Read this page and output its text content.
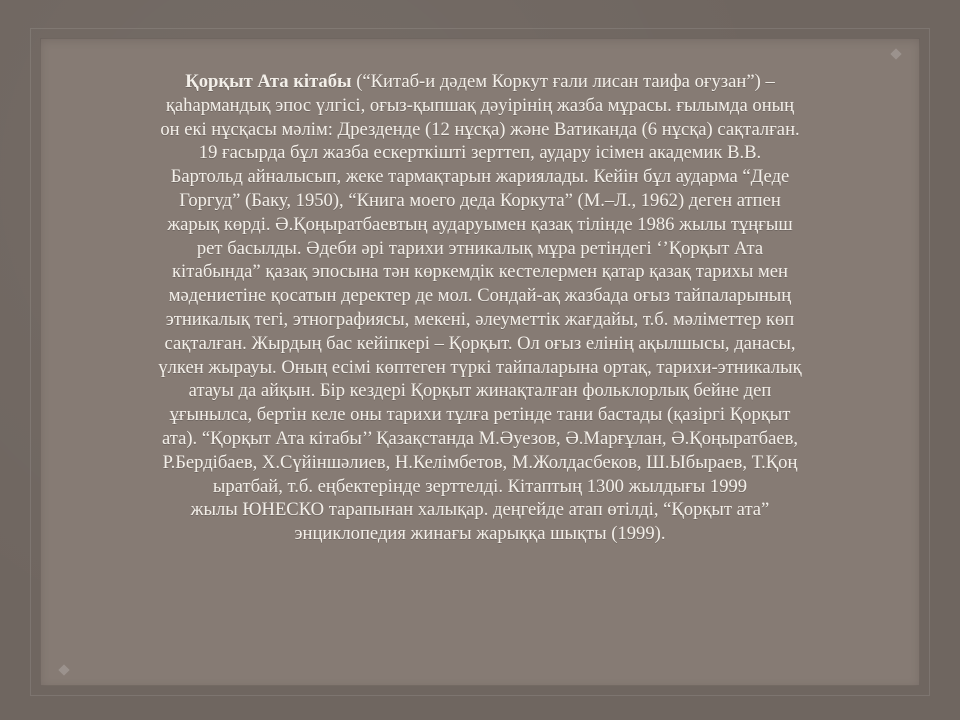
Қорқыт Ата кітабы (“Китаб-и дәдем Коркут ғали лисан таифа оғузан”) –
қаһармандық эпос үлгісі, оғыз-қыпшақ дәуірінің жазба мұрасы. ғылымда оның
он екі нұсқасы мәлім: Дрезденде (12 нұсқа) және Ватиканда (6 нұсқа) сақталған.
19 ғасырда бұл жазба ескерткішті зерттеп, аудару ісімен академик В.В.
Бартольд айналысып, жеке тармақтарын жариялады. Кейін бұл аударма “Деде
Горгуд” (Баку, 1950), “Книга моего деда Коркута” (М.–Л., 1962) деген атпен
жарық көрді. Ә.Қоңыратбаевтың аударуымен қазақ тілінде 1986 жылы тұңғыш
рет басылды. Әдеби әрі тарихи этникалық мұра ретіндегі ‘’Қорқыт Ата
кітабында” қазақ эпосына тән көркемдік кестелермен қатар қазақ тарихы мен
мәдениетіне қосатын деректер де мол. Сондай-ақ жазбада оғыз тайпаларының
этникалық тегі, этнографиясы, мекені, әлеуметтік жағдайы, т.б. мәліметтер көп
сақталған. Жырдың бас кейіпкері – Қорқыт. Ол оғыз елінің ақылшысы, данасы,
үлкен жырауы. Оның есімі көптеген түркі тайпаларына ортақ, тарихи-этникалық
атауы да айқын. Бір кездері Қорқыт жинақталған фольклорлық бейне деп
ұғынылса, бертін келе оны тарихи тұлға ретінде тани бастады (қазіргі Қорқыт
ата). “Қорқыт Ата кітабы’’ Қазақстанда М.Әуезов, Ә.Марғұлан, Ә.Қоңыратбаев,
Р.Бердібаев, Х.Сүйіншәлиев, Н.Келімбетов, М.Жолдасбеков, Ш.Ыбыраев, Т.Қоң
ыратбай, т.б. еңбектерінде зерттелді. Кітаптың 1300 жылдығы 1999
жылы ЮНЕСКО тарапынан халықар. деңгейде атап өтілді, “Қорқыт ата”
энциклопедия жинағы жарыққа шықты (1999).
